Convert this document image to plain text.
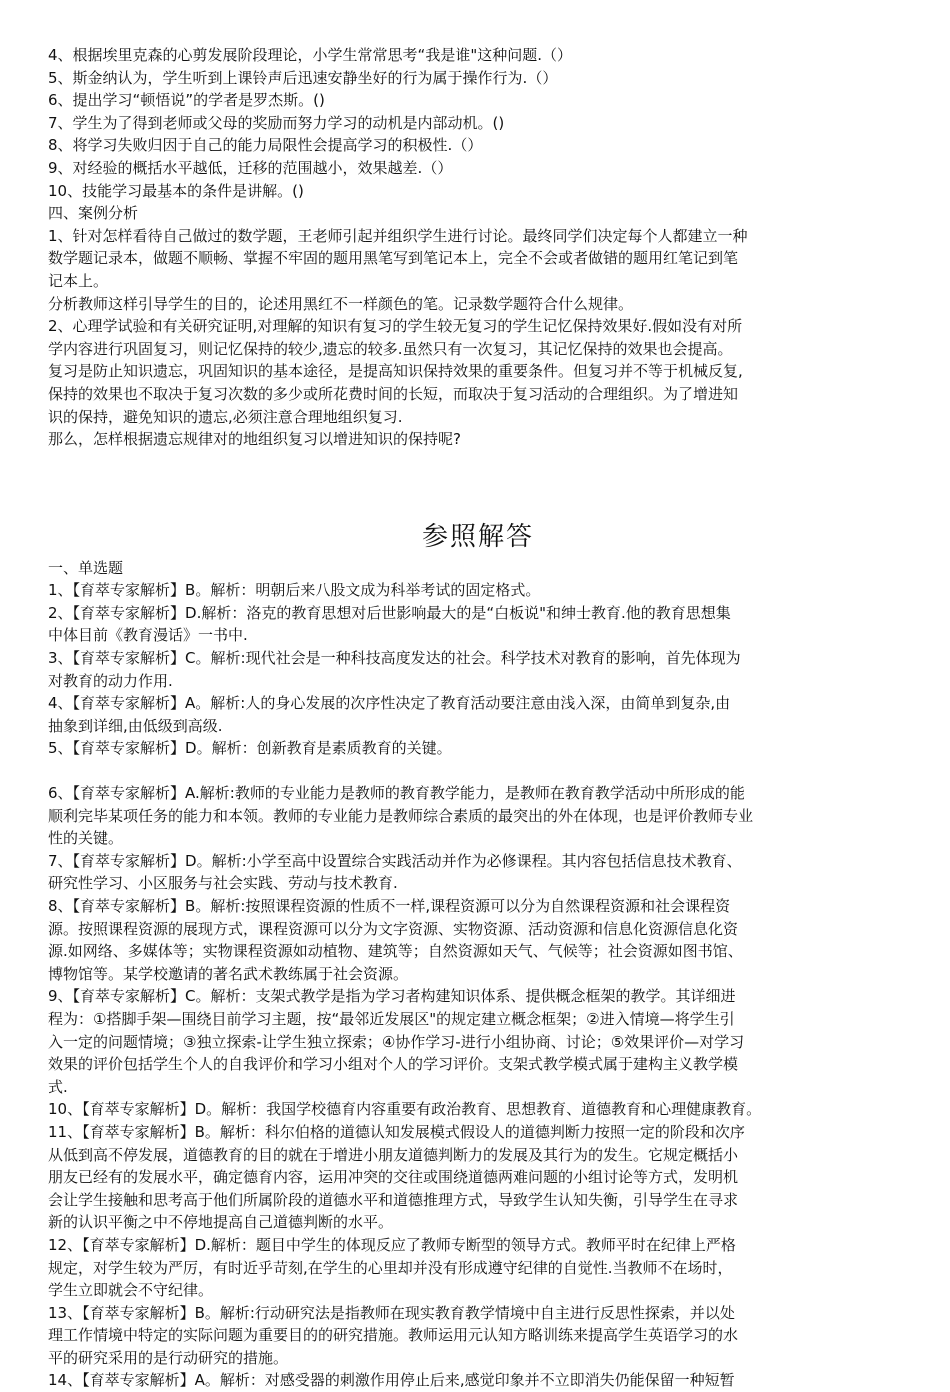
4、根据埃里克森的心剪发展阶段理论，小学生常常思考“我是谁"这种问题.（）

5、斯金纳认为，学生听到上课铃声后迅速安静坐好的行为属于操作行为.（）

6、提出学习“顿悟说”的学者是罗杰斯。()

7、学生为了得到老师或父母的奖励而努力学习的动机是内部动机。()

8、将学习失败归因于自己的能力局限性会提高学习的积极性.（）

9、对经验的概括水平越低，迁移的范围越小，效果越差.（）

10、技能学习最基本的条件是讲解。()

四、案例分析

1、针对怎样看待自己做过的数学题，王老师引起并组织学生进行讨论。最终同学们决定每个人都建立一种

数学题记录本，做题不顺畅、掌握不牢固的题用黑笔写到笔记本上，完全不会或者做错的题用红笔记到笔

记本上。

分析教师这样引导学生的目的，论述用黑红不一样颜色的笔。记录数学题符合什么规律。

2、心理学试验和有关研究证明,对理解的知识有复习的学生较无复习的学生记忆保持效果好.假如没有对所

学内容进行巩固复习，则记忆保持的较少,遗忘的较多.虽然只有一次复习，其记忆保持的效果也会提高。

复习是防止知识遗忘，巩固知识的基本途径，是提高知识保持效果的重要条件。但复习并不等于机械反复,

保持的效果也不取决于复习次数的多少或所花费时间的长短，而取决于复习活动的合理组织。为了增进知

识的保持，避免知识的遗忘,必须注意合理地组织复习.

那么，怎样根据遗忘规律对的地组织复习以增进知识的保持呢?

参照解答

一、单选题

1、【育萃专家解析】B。解析：明朝后来八股文成为科举考试的固定格式。

2、【育萃专家解析】D.解析：洛克的教育思想对后世影响最大的是“白板说"和绅士教育.他的教育思想集

中体目前《教育漫话》一书中.

3、【育萃专家解析】C。解析:现代社会是一种科技高度发达的社会。科学技术对教育的影响，首先体现为

对教育的动力作用.

4、【育萃专家解析】A。解析:人的身心发展的次序性决定了教育活动要注意由浅入深，由简单到复杂,由

抽象到详细,由低级到高级.

5、【育萃专家解析】D。解析：创新教育是素质教育的关键。

6、【育萃专家解析】A.解析:教师的专业能力是教师的教育教学能力，是教师在教育教学活动中所形成的能

顺利完毕某项任务的能力和本领。教师的专业能力是教师综合素质的最突出的外在体现，也是评价教师专业

性的关键。

7、【育萃专家解析】D。解析:小学至高中设置综合实践活动并作为必修课程。其内容包括信息技术教育、

研究性学习、小区服务与社会实践、劳动与技术教育.

8、【育萃专家解析】B。解析:按照课程资源的性质不一样,课程资源可以分为自然课程资源和社会课程资

源。按照课程资源的展现方式，课程资源可以分为文字资源、实物资源、活动资源和信息化资源信息化资

源.如网络、多媒体等；实物课程资源如动植物、建筑等；自然资源如天气、气候等；社会资源如图书馆、

博物馆等。某学校邀请的著名武术教练属于社会资源。

9、【育萃专家解析】C。解析：支架式教学是指为学习者构建知识体系、提供概念框架的教学。其详细进

程为：①搭脚手架—围绕目前学习主题，按“最邻近发展区"的规定建立概念框架；②进入情境—将学生引

入一定的问题情境；③独立探索-让学生独立探索；④协作学习-进行小组协商、讨论；⑤效果评价—对学习

效果的评价包括学生个人的自我评价和学习小组对个人的学习评价。支架式教学模式属于建构主义教学模

式.

10、【育萃专家解析】D。解析：我国学校德育内容重要有政治教育、思想教育、道德教育和心理健康教育。

11、【育萃专家解析】B。解析：科尔伯格的道德认知发展模式假设人的道德判断力按照一定的阶段和次序

从低到高不停发展，道德教育的目的就在于增进小朋友道德判断力的发展及其行为的发生。它规定概括小

朋友已经有的发展水平，确定德育内容，运用冲突的交往或围绕道德两难问题的小组讨论等方式，发明机

会让学生接触和思考高于他们所属阶段的道德水平和道德推理方式，导致学生认知失衡，引导学生在寻求

新的认识平衡之中不停地提高自己道德判断的水平。

12、【育萃专家解析】D.解析：题目中学生的体现反应了教师专断型的领导方式。教师平时在纪律上严格

规定，对学生较为严厉，有时近乎苛刻,在学生的心里却并没有形成遵守纪律的自觉性.当教师不在场时，

学生立即就会不守纪律。

13、【育萃专家解析】B。解析:行动研究法是指教师在现实教育教学情境中自主进行反思性探索，并以处

理工作情境中特定的实际问题为重要目的的研究措施。教师运用元认知方略训练来提高学生英语学习的水

平的研究采用的是行动研究的措施。

14、【育萃专家解析】A。解析：对感受器的刺激作用停止后来,感觉印象并不立即消失仍能保留一种短暂
